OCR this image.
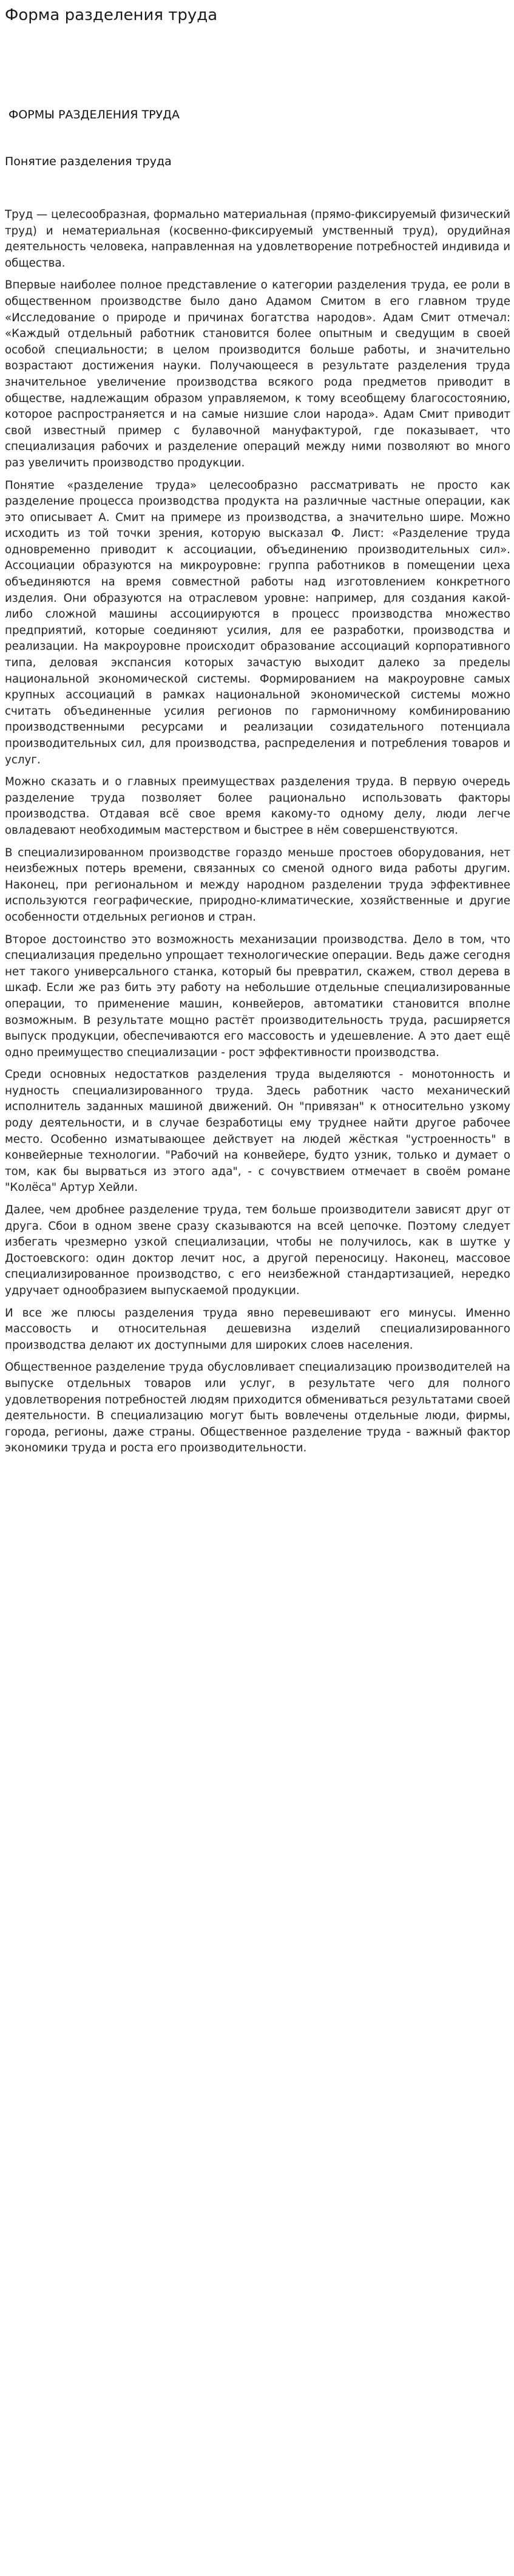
Форма разделения труда
ФОРМЫ РАЗДЕЛЕНИЯ ТРУДА
Понятие разделения труда

Труд — целесообразная, формально материальная (прямо-фиксируемый физический труд) и нематериальная (косвенно-фиксируемый умственный труд), орудийная деятельность человека, направленная на удовлетворение потребностей индивида и общества.

Впервые наиболее полное представление о категории разделения труда, ее роли в общественном производстве было дано Адамом Смитом в его главном труде «Исследование о природе и причинах богатства народов». Адам Смит отмечал: «Каждый отдельный работник становится более опытным и сведущим в своей особой специальности; в целом производится больше работы, и значительно возрастают достижения науки. Получающееся в результате разделения труда значительное увеличение производства всякого рода предметов приводит в обществе, надлежащим образом управляемом, к тому всеобщему благосостоянию, которое распространяется и на самые низшие слои народа». Адам Смит приводит свой известный пример с булавочной мануфактурой, где показывает, что специализация рабочих и разделение операций между ними позволяют во много раз увеличить производство продукции.

Понятие «разделение труда» целесообразно рассматривать не просто как разделение процесса производства продукта на различные частные операции, как это описывает А. Смит на примере из производства, а значительно шире. Можно исходить из той точки зрения, которую высказал Ф. Лист: «Разделение труда одновременно приводит к ассоциации, объединению производительных сил». Ассоциации образуются на микроуровне: группа работников в помещении цеха объединяются на время совместной работы над изготовлением конкретного изделия. Они образуются на отраслевом уровне: например, для создания какой-либо сложной машины ассоциируются в процесс производства множество предприятий, которые соединяют усилия, для ее разработки, производства и реализации. На макроуровне происходит образование ассоциаций корпоративного типа, деловая экспансия которых зачастую выходит далеко за пределы национальной экономической системы. Формированием на макроуровне самых крупных ассоциаций в рамках национальной экономической системы можно считать объединенные усилия регионов по гармоничному комбинированию производственными ресурсами и реализации созидательного потенциала производительных сил, для производства, распределения и потребления товаров и услуг.

Можно сказать и о главных преимуществах разделения труда. В первую очередь разделение труда позволяет более рационально использовать факторы производства. Отдавая всё свое время какому-то одному делу, люди легче овладевают необходимым мастерством и быстрее в нём совершенствуются.

В специализированном производстве гораздо меньше простоев оборудования, нет неизбежных потерь времени, связанных со сменой одного вида работы другим. Наконец, при региональном и между народном разделении труда эффективнее используются географические, природно-климатические, хозяйственные и другие особенности отдельных регионов и стран.

Второе достоинство это возможность механизации производства. Дело в том, что специализация предельно упрощает технологические операции. Ведь даже сегодня нет такого универсального станка, который бы превратил, скажем, ствол дерева в шкаф. Если же раз бить эту работу на небольшие отдельные специализированные операции, то применение машин, конвейеров, автоматики становится вполне возможным. В результате мощно растёт производительность труда, расширяется выпуск продукции, обеспечиваются его массовость и удешевление. А это дает ещё одно преимущество специализации - рост эффективности производства.

Среди основных недостатков разделения труда выделяются - монотонность и нудность специализированного труда. Здесь работник часто механический исполнитель заданных машиной движений. Он "привязан" к относительно узкому роду деятельности, и в случае безработицы ему труднее найти другое рабочее место. Особенно изматывающее действует на людей жёсткая "устроенность" в конвейерные технологии. "Рабочий на конвейере, будто узник, только и думает о том, как бы вырваться из этого ада", - с сочувствием отмечает в своём романе "Колёса" Артур Хейли.

Далее, чем дробнее разделение труда, тем больше производители зависят друг от друга. Сбои в одном звене сразу сказываются на всей цепочке. Поэтому следует избегать чрезмерно узкой специализации, чтобы не получилось, как в шутке у Достоевского: один доктор лечит нос, а другой переносицу. Наконец, массовое специализированное производство, с его неизбежной стандартизацией, нередко удручает однообразием выпускаемой продукции.

И все же плюсы разделения труда явно перевешивают его минусы. Именно массовость и относительная дешевизна изделий специализированного производства делают их доступными для широких слоев населения.

Общественное разделение труда обусловливает специализацию производителей на выпуске отдельных товаров или услуг, в результате чего для полного удовлетворения потребностей людям приходится обмениваться результатами своей деятельности. В специализацию могут быть вовлечены отдельные люди, фирмы, города, регионы, даже страны. Общественное разделение труда - важный фактор экономики труда и роста его производительности.
